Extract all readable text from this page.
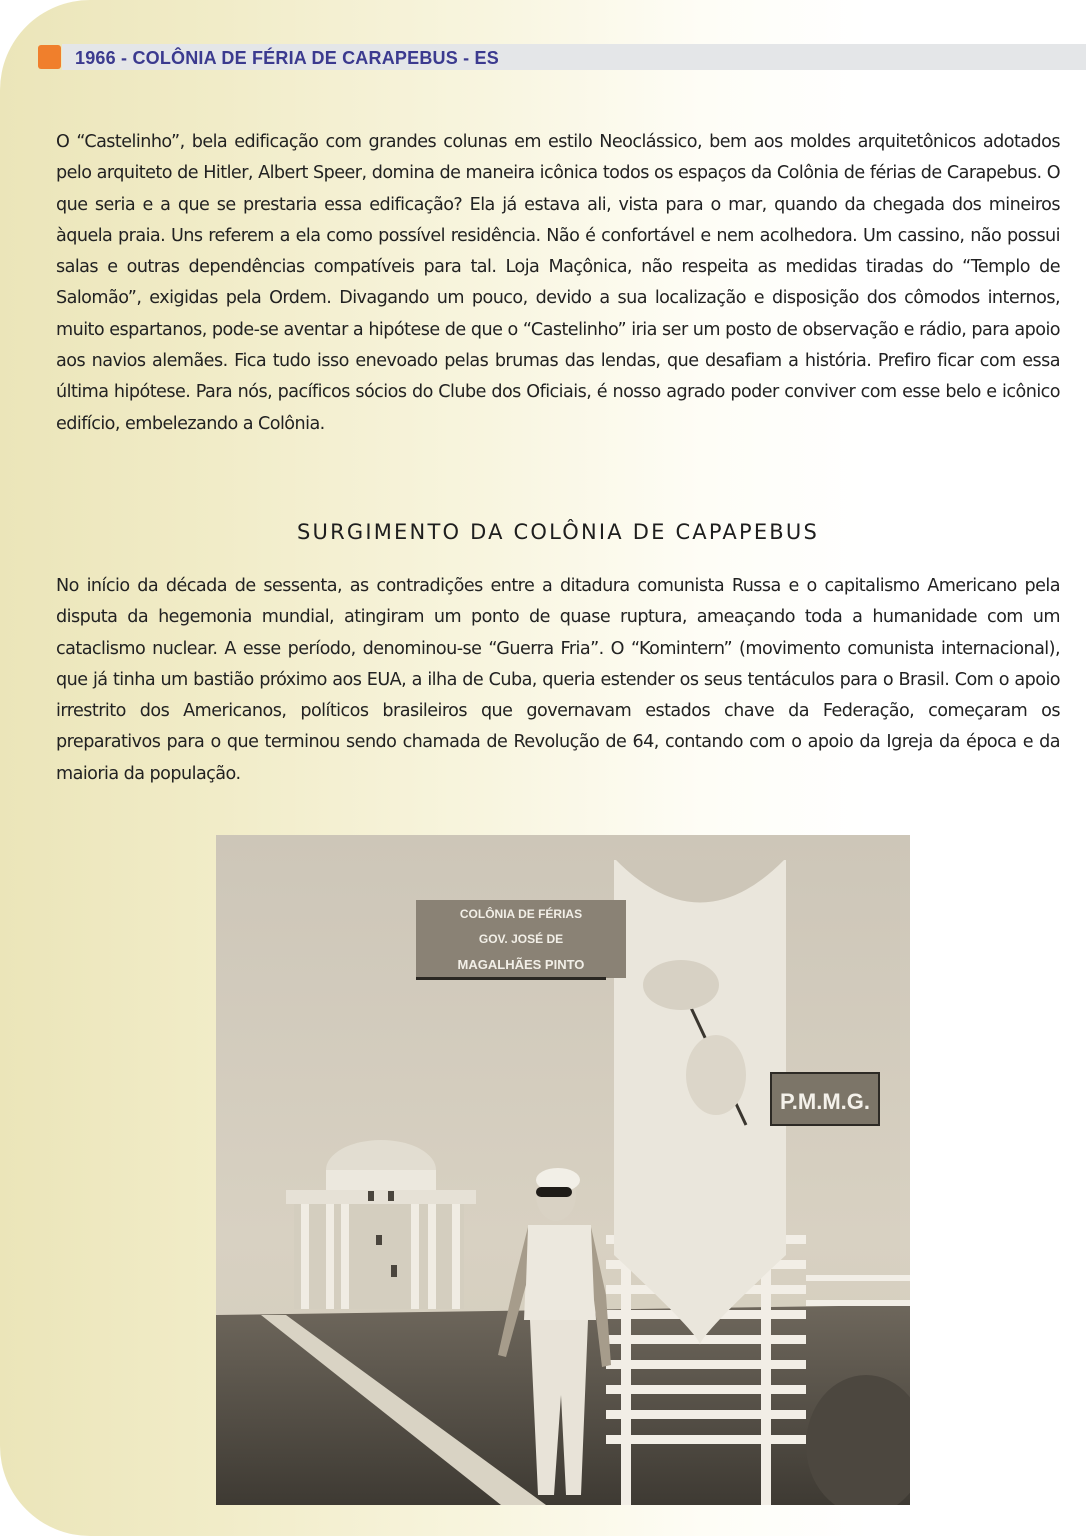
1966 - COLÔNIA DE FÉRIA DE CARAPEBUS - ES

O “Castelinho”, bela edificação com grandes colunas em estilo Neoclássico, bem aos moldes arquitetônicos adotados pelo arquiteto de Hitler, Albert Speer, domina de maneira icônica todos os espaços da Colônia de férias de Carapebus. O que seria e a que se prestaria essa edificação? Ela já estava ali, vista para o mar, quando da chegada dos mineiros àquela praia. Uns referem a ela como possível residência. Não é confortável e nem acolhedora. Um cassino, não possui salas e outras dependências compatíveis para tal. Loja Maçônica, não respeita as medidas tiradas do “Templo de Salomão”, exigidas pela Ordem. Divagando um pouco, devido a sua localização e disposição dos cômodos internos, muito espartanos, pode-se aventar a hipótese de que o “Castelinho” iria ser um posto de observação e rádio, para apoio aos navios alemães. Fica tudo isso enevoado pelas brumas das lendas, que desafiam a história. Prefiro ficar com essa última hipótese. Para nós, pacíficos sócios do Clube dos Oficiais, é nosso agrado poder conviver com esse belo e icônico edifício, embelezando a Colônia.

SURGIMENTO DA COLÔNIA DE CAPAPEBUS

No início da década de sessenta, as contradições entre a ditadura comunista Russa e o capitalismo Americano pela disputa da hegemonia mundial, atingiram um ponto de quase ruptura, ameaçando toda a humanidade com um cataclismo nuclear. A esse período, denominou-se “Guerra Fria”. O “Komintern” (movimento comunista internacional), que já tinha um bastião próximo aos EUA, a ilha de Cuba, queria estender os seus tentáculos para o Brasil. Com o apoio irrestrito dos Americanos, políticos brasileiros que governavam estados chave da Federação, começaram os preparativos para o que terminou sendo chamada de Revolução de 64, contando com o apoio da Igreja da época e da maioria da população.

COLÔNIA DE FÉRIAS
GOV. JOSÉ DE
MAGALHÃES PINTO
P.M.M.G.
